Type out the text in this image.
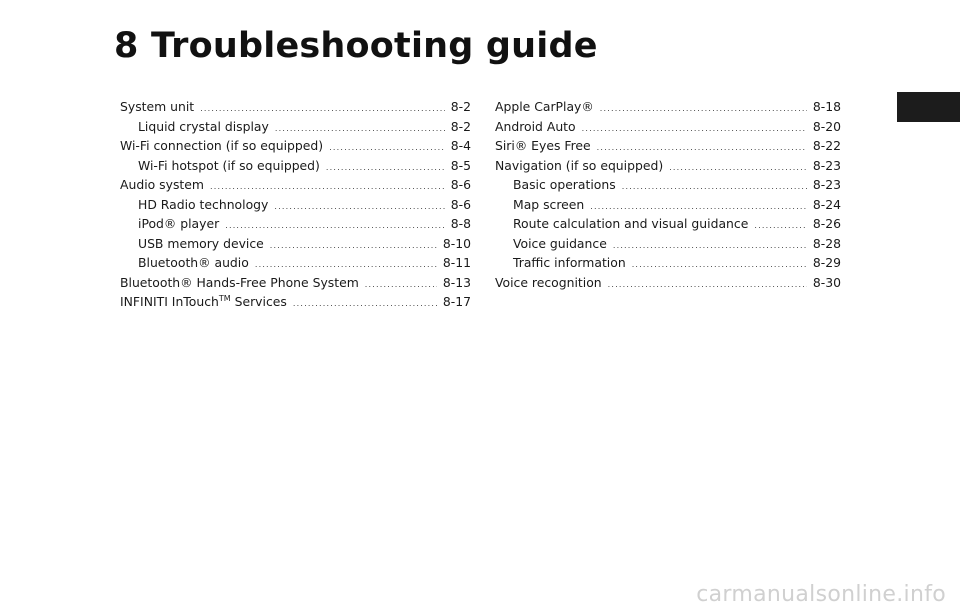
8 Troubleshooting guide
System unit .....	8-2
Liquid crystal display .....	8-2
Wi-Fi connection (if so equipped) .....	8-4
Wi-Fi hotspot (if so equipped) .....	8-5
Audio system .....	8-6
HD Radio technology .....	8-6
iPod® player .....	8-8
USB memory device .....	8-10
Bluetooth® audio .....	8-11
Bluetooth® Hands-Free Phone System .....	8-13
INFINITI InTouch™ Services .....	8-17
Apple CarPlay® .....	8-18
Android Auto .....	8-20
Siri® Eyes Free .....	8-22
Navigation (if so equipped) .....	8-23
Basic operations .....	8-23
Map screen .....	8-24
Route calculation and visual guidance .....	8-26
Voice guidance .....	8-28
Traffic information .....	8-29
Voice recognition .....	8-30
carmanualsonline.info
